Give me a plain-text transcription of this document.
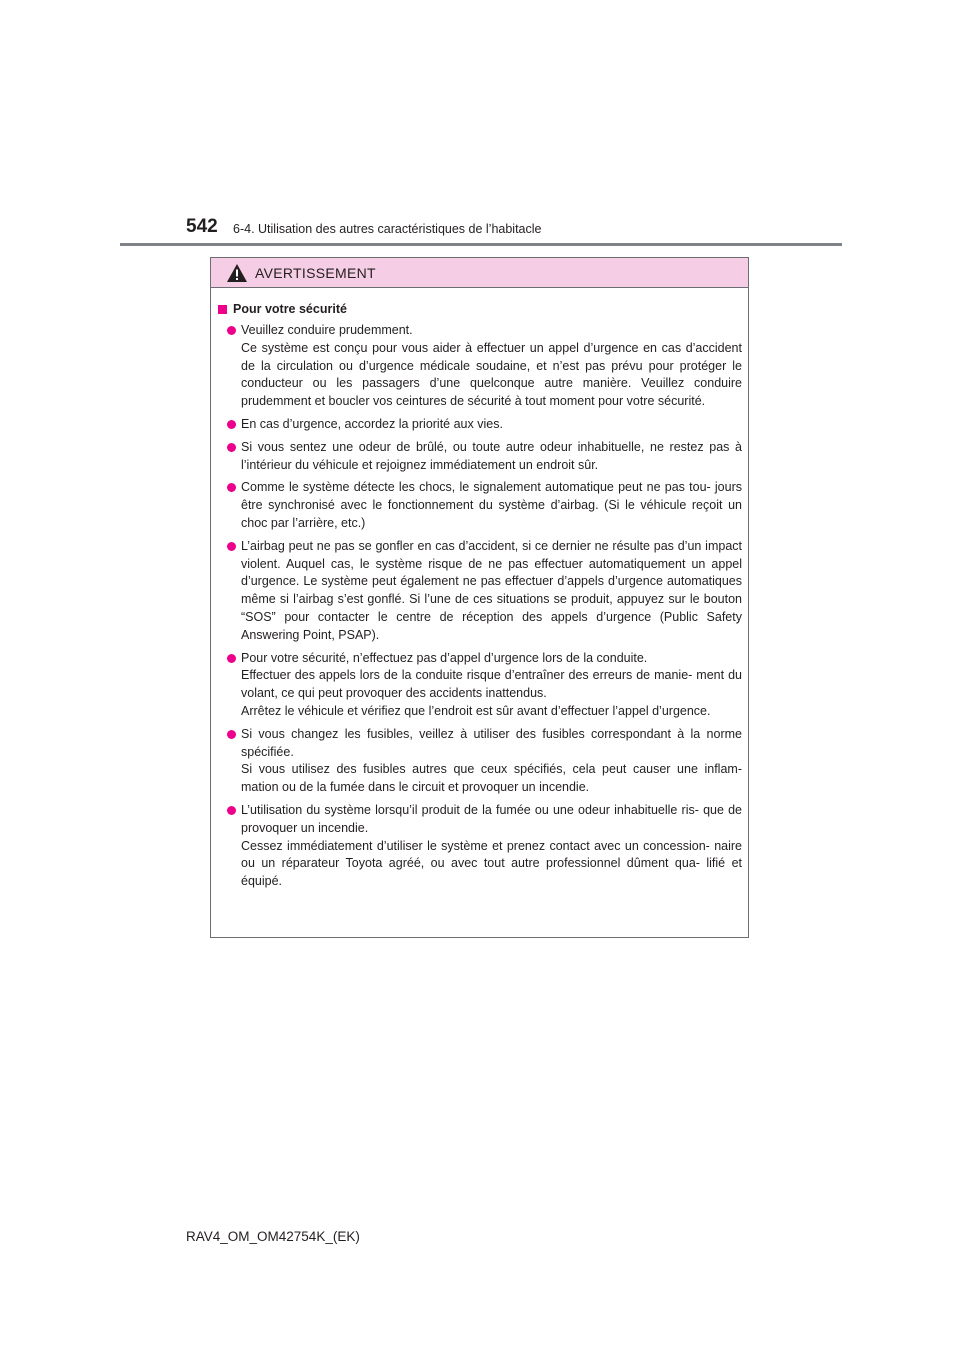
542 6-4. Utilisation des autres caractéristiques de l’habitacle
AVERTISSEMENT
Pour votre sécurité
Veuillez conduire prudemment.
Ce système est conçu pour vous aider à effectuer un appel d’urgence en cas d’accident de la circulation ou d’urgence médicale soudaine, et n’est pas prévu pour protéger le conducteur ou les passagers d’une quelconque autre manière. Veuillez conduire prudemment et boucler vos ceintures de sécurité à tout moment pour votre sécurité.
En cas d’urgence, accordez la priorité aux vies.
Si vous sentez une odeur de brûlé, ou toute autre odeur inhabituelle, ne restez pas à l’intérieur du véhicule et rejoignez immédiatement un endroit sûr.
Comme le système détecte les chocs, le signalement automatique peut ne pas tou- jours être synchronisé avec le fonctionnement du système d’airbag. (Si le véhicule reçoit un choc par l’arrière, etc.)
L’airbag peut ne pas se gonfler en cas d’accident, si ce dernier ne résulte pas d’un impact violent. Auquel cas, le système risque de ne pas effectuer automatiquement un appel d’urgence. Le système peut également ne pas effectuer d’appels d’urgence automatiques même si l’airbag s’est gonflé. Si l’une de ces situations se produit, appuyez sur le bouton “SOS” pour contacter le centre de réception des appels d’urgence (Public Safety Answering Point, PSAP).
Pour votre sécurité, n’effectuez pas d’appel d’urgence lors de la conduite.
Effectuer des appels lors de la conduite risque d’entraîner des erreurs de manie- ment du volant, ce qui peut provoquer des accidents inattendus.
Arrêtez le véhicule et vérifiez que l’endroit est sûr avant d’effectuer l’appel d’urgence.
Si vous changez les fusibles, veillez à utiliser des fusibles correspondant à la norme spécifiée.
Si vous utilisez des fusibles autres que ceux spécifiés, cela peut causer une inflam- mation ou de la fumée dans le circuit et provoquer un incendie.
L’utilisation du système lorsqu’il produit de la fumée ou une odeur inhabituelle ris- que de provoquer un incendie.
Cessez immédiatement d’utiliser le système et prenez contact avec un concession- naire ou un réparateur Toyota agréé, ou avec tout autre professionnel dûment qua- lifié et équipé.
RAV4_OM_OM42754K_(EK)
